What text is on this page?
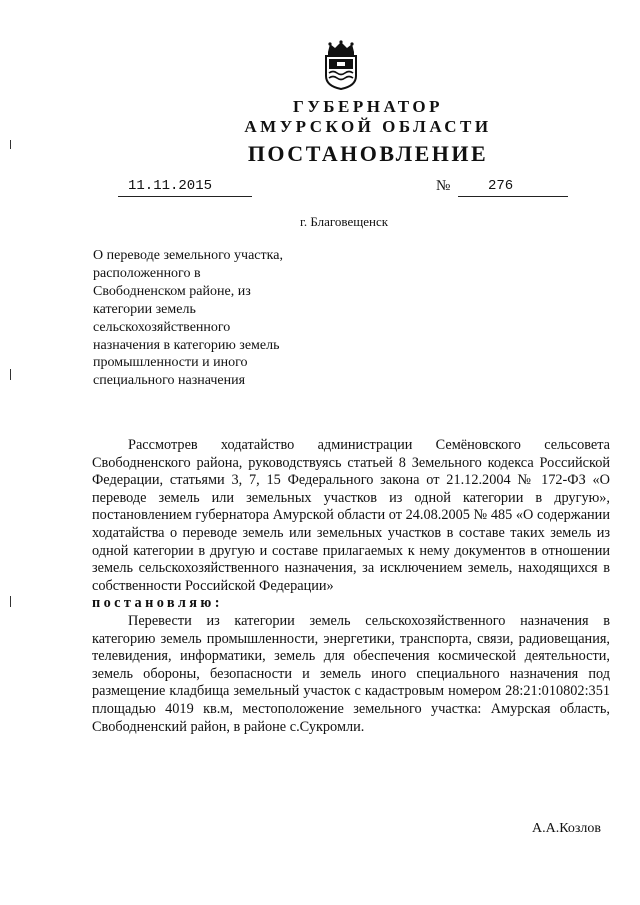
ГУБЕРНАТОР
АМУРСКОЙ ОБЛАСТИ
ПОСТАНОВЛЕНИЕ
11.11.2015	№	276
г. Благовещенск
О переводе земельного участка,
расположенного в
Свободненском районе, из
категории земель
сельскохозяйственного
назначения в категорию земель
промышленности и иного
специального назначения

Рассмотрев ходатайство администрации Семёновского сельсовета Свободненского района, руководствуясь статьей 8 Земельного кодекса Российской Федерации, статьями 3, 7, 15 Федерального закона от 21.12.2004 № 172-ФЗ «О переводе земель или земельных участков из одной категории в другую», постановлением губернатора Амурской области от 24.08.2005 № 485 «О содержании ходатайства о переводе земель или земельных участков в составе таких земель из одной категории в другую и составе прилагаемых к нему документов в отношении земель сельскохозяйственного назначения, за исключением земель, находящихся в собственности Российской Федерации»

постановляю:

Перевести из категории земель сельскохозяйственного назначения в категорию земель промышленности, энергетики, транспорта, связи, радиовещания, телевидения, информатики, земель для обеспечения космической деятельности, земель обороны, безопасности и земель иного специального назначения под размещение кладбища земельный участок с кадастровым номером 28:21:010802:351 площадью 4019 кв.м, местоположение земельного участка: Амурская область, Свободненский район, в районе с.Сукромли.

А.А.Козлов
